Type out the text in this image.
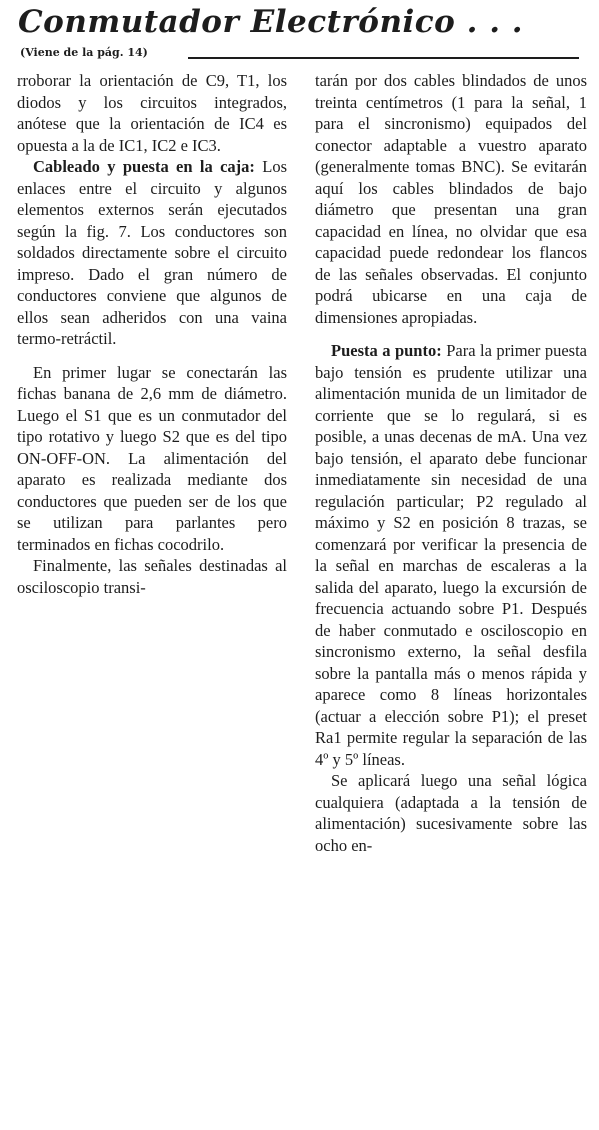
Conmutador Electrónico . . .
(Viene de la pág. 14)

rroborar la orientación de C9, T1, los diodos y los circuitos integrados, anótese que la orientación de IC4 es opuesta a la de IC1, IC2 e IC3.

Cableado y puesta en la caja: Los enlaces entre el circuito y algunos elementos externos serán ejecutados según la fig. 7. Los conductores son soldados directamente sobre el circuito impreso. Dado el gran número de conductores conviene que algunos de ellos sean adheridos con una vaina termo-retráctil.

En primer lugar se conectarán las fichas banana de 2,6 mm de diámetro. Luego el S1 que es un conmutador del tipo rotativo y luego S2 que es del tipo ON-OFF-ON. La alimentación del aparato es realizada mediante dos conductores que pueden ser de los que se utilizan para parlantes pero terminados en fichas cocodrilo.

Finalmente, las señales destinadas al osciloscopio transi-

tarán por dos cables blindados de unos treinta centímetros (1 para la señal, 1 para el sincronismo) equipados del conector adaptable a vuestro aparato (generalmente tomas BNC). Se evitarán aquí los cables blindados de bajo diámetro que presentan una gran capacidad en línea, no olvidar que esa capacidad puede redondear los flancos de las señales observadas. El conjunto podrá ubicarse en una caja de dimensiones apropiadas.

Puesta a punto: Para la primer puesta bajo tensión es prudente utilizar una alimentación munida de un limitador de corriente que se lo regulará, si es posible, a unas decenas de mA. Una vez bajo tensión, el aparato debe funcionar inmediatamente sin necesidad de una regulación particular; P2 regulado al máximo y S2 en posición 8 trazas, se comenzará por verificar la presencia de la señal en marchas de escaleras a la salida del aparato, luego la excursión de frecuencia actuando sobre P1. Después de haber conmutado e osciloscopio en sincronismo externo, la señal desfila sobre la pantalla más o menos rápida y aparece como 8 líneas horizontales (actuar a elección sobre P1); el preset Ra1 permite regular la separación de las 4º y 5º líneas.

Se aplicará luego una señal lógica cualquiera (adaptada a la tensión de alimentación) sucesivamente sobre las ocho en-
